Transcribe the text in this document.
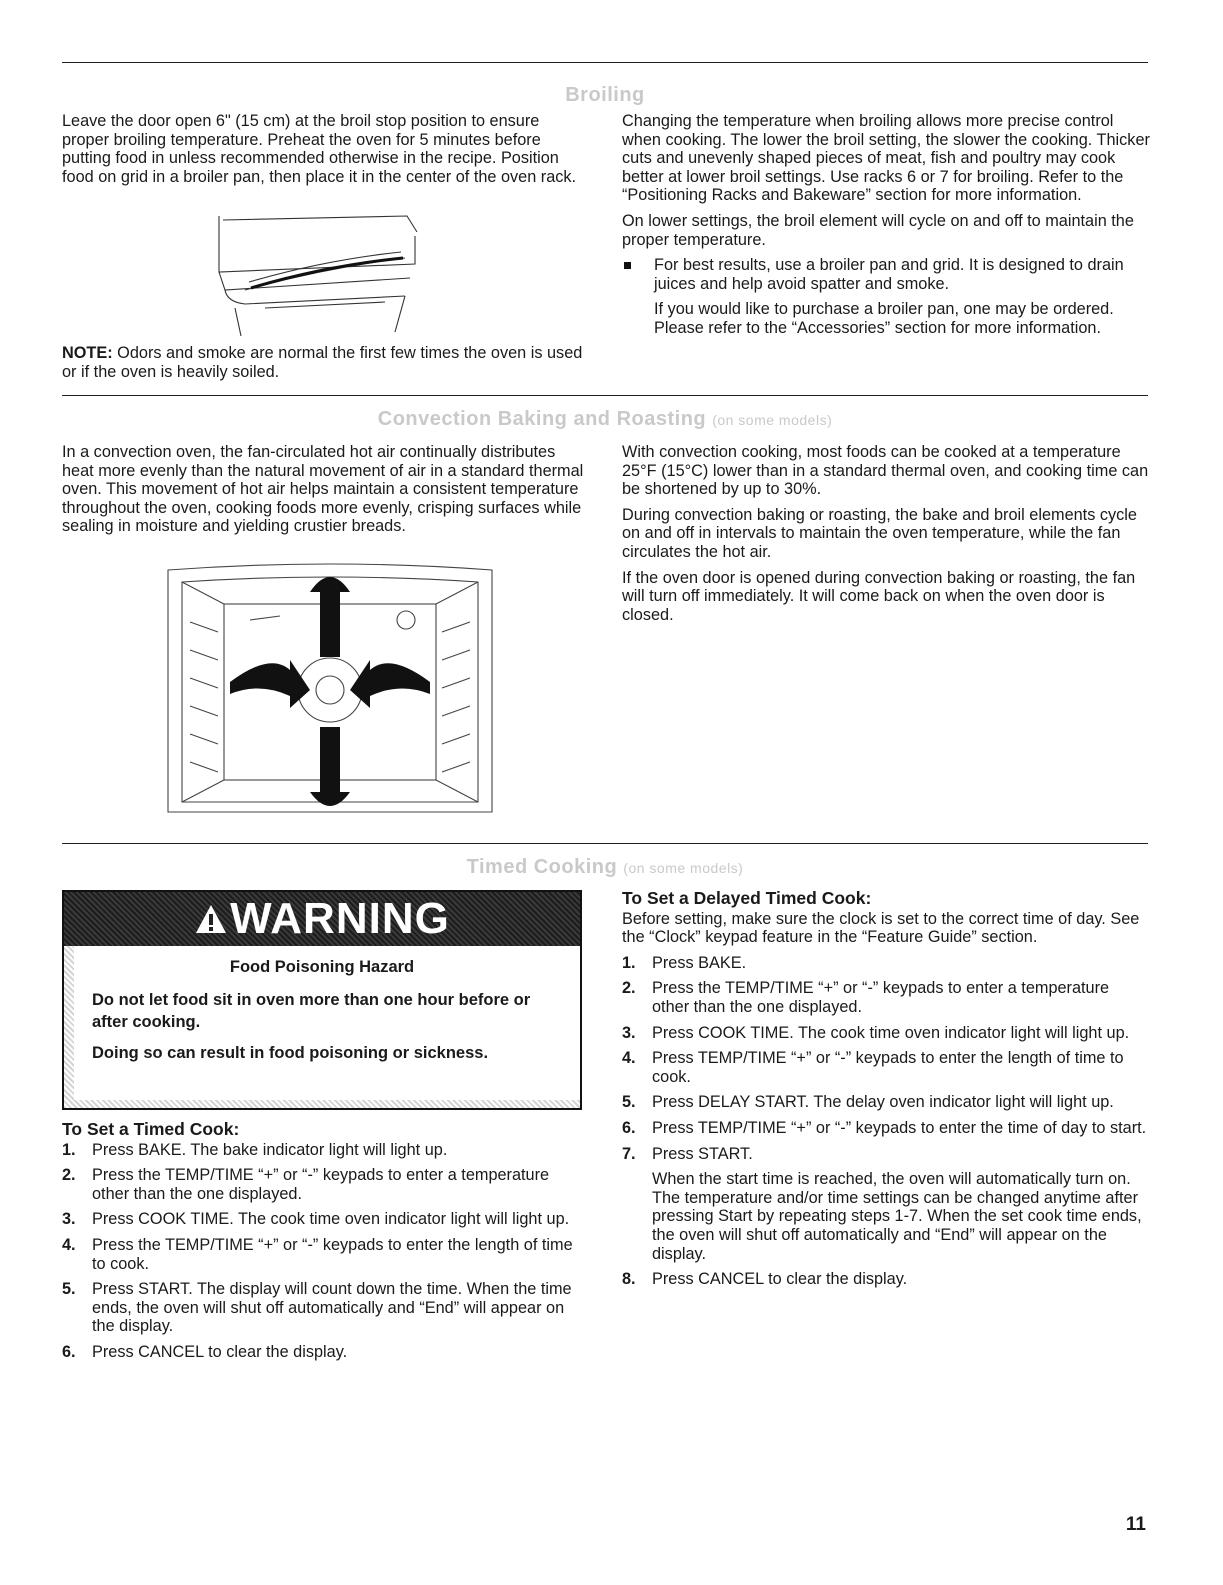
Broiling

Leave the door open 6" (15 cm) at the broil stop position to ensure proper broiling temperature. Preheat the oven for 5 minutes before putting food in unless recommended otherwise in the recipe. Position food on grid in a broiler pan, then place it in the center of the oven rack.

NOTE: Odors and smoke are normal the first few times the oven is used or if the oven is heavily soiled.

Changing the temperature when broiling allows more precise control when cooking. The lower the broil setting, the slower the cooking. Thicker cuts and unevenly shaped pieces of meat, fish and poultry may cook better at lower broil settings. Use racks 6 or 7 for broiling. Refer to the “Positioning Racks and Bakeware” section for more information.

On lower settings, the broil element will cycle on and off to maintain the proper temperature.

For best results, use a broiler pan and grid. It is designed to drain juices and help avoid spatter and smoke.

If you would like to purchase a broiler pan, one may be ordered. Please refer to the “Accessories” section for more information.

Convection Baking and Roasting (on some models)

In a convection oven, the fan-circulated hot air continually distributes heat more evenly than the natural movement of air in a standard thermal oven. This movement of hot air helps maintain a consistent temperature throughout the oven, cooking foods more evenly, crisping surfaces while sealing in moisture and yielding crustier breads.

With convection cooking, most foods can be cooked at a temperature 25°F (15°C) lower than in a standard thermal oven, and cooking time can be shortened by up to 30%.

During convection baking or roasting, the bake and broil elements cycle on and off in intervals to maintain the oven temperature, while the fan circulates the hot air.

If the oven door is opened during convection baking or roasting, the fan will turn off immediately. It will come back on when the oven door is closed.

Timed Cooking (on some models)
WARNING
Food Poisoning Hazard
Do not let food sit in oven more than one hour before or after cooking.
Doing so can result in food poisoning or sickness.
To Set a Timed Cook:
1. Press BAKE. The bake indicator light will light up.
2. Press the TEMP/TIME “+” or “-” keypads to enter a temperature other than the one displayed.
3. Press COOK TIME. The cook time oven indicator light will light up.
4. Press the TEMP/TIME “+” or “-” keypads to enter the length of time to cook.
5. Press START. The display will count down the time. When the time ends, the oven will shut off automatically and “End” will appear on the display.
6. Press CANCEL to clear the display.
To Set a Delayed Timed Cook:

Before setting, make sure the clock is set to the correct time of day. See the “Clock” keypad feature in the “Feature Guide” section.

1. Press BAKE.
2. Press the TEMP/TIME “+” or “-” keypads to enter a temperature other than the one displayed.
3. Press COOK TIME. The cook time oven indicator light will light up.
4. Press TEMP/TIME “+” or “-” keypads to enter the length of time to cook.
5. Press DELAY START. The delay oven indicator light will light up.
6. Press TEMP/TIME “+” or “-” keypads to enter the time of day to start.
7. Press START.

When the start time is reached, the oven will automatically turn on. The temperature and/or time settings can be changed anytime after pressing Start by repeating steps 1-7. When the set cook time ends, the oven will shut off automatically and “End” will appear on the display.

8. Press CANCEL to clear the display.
11
